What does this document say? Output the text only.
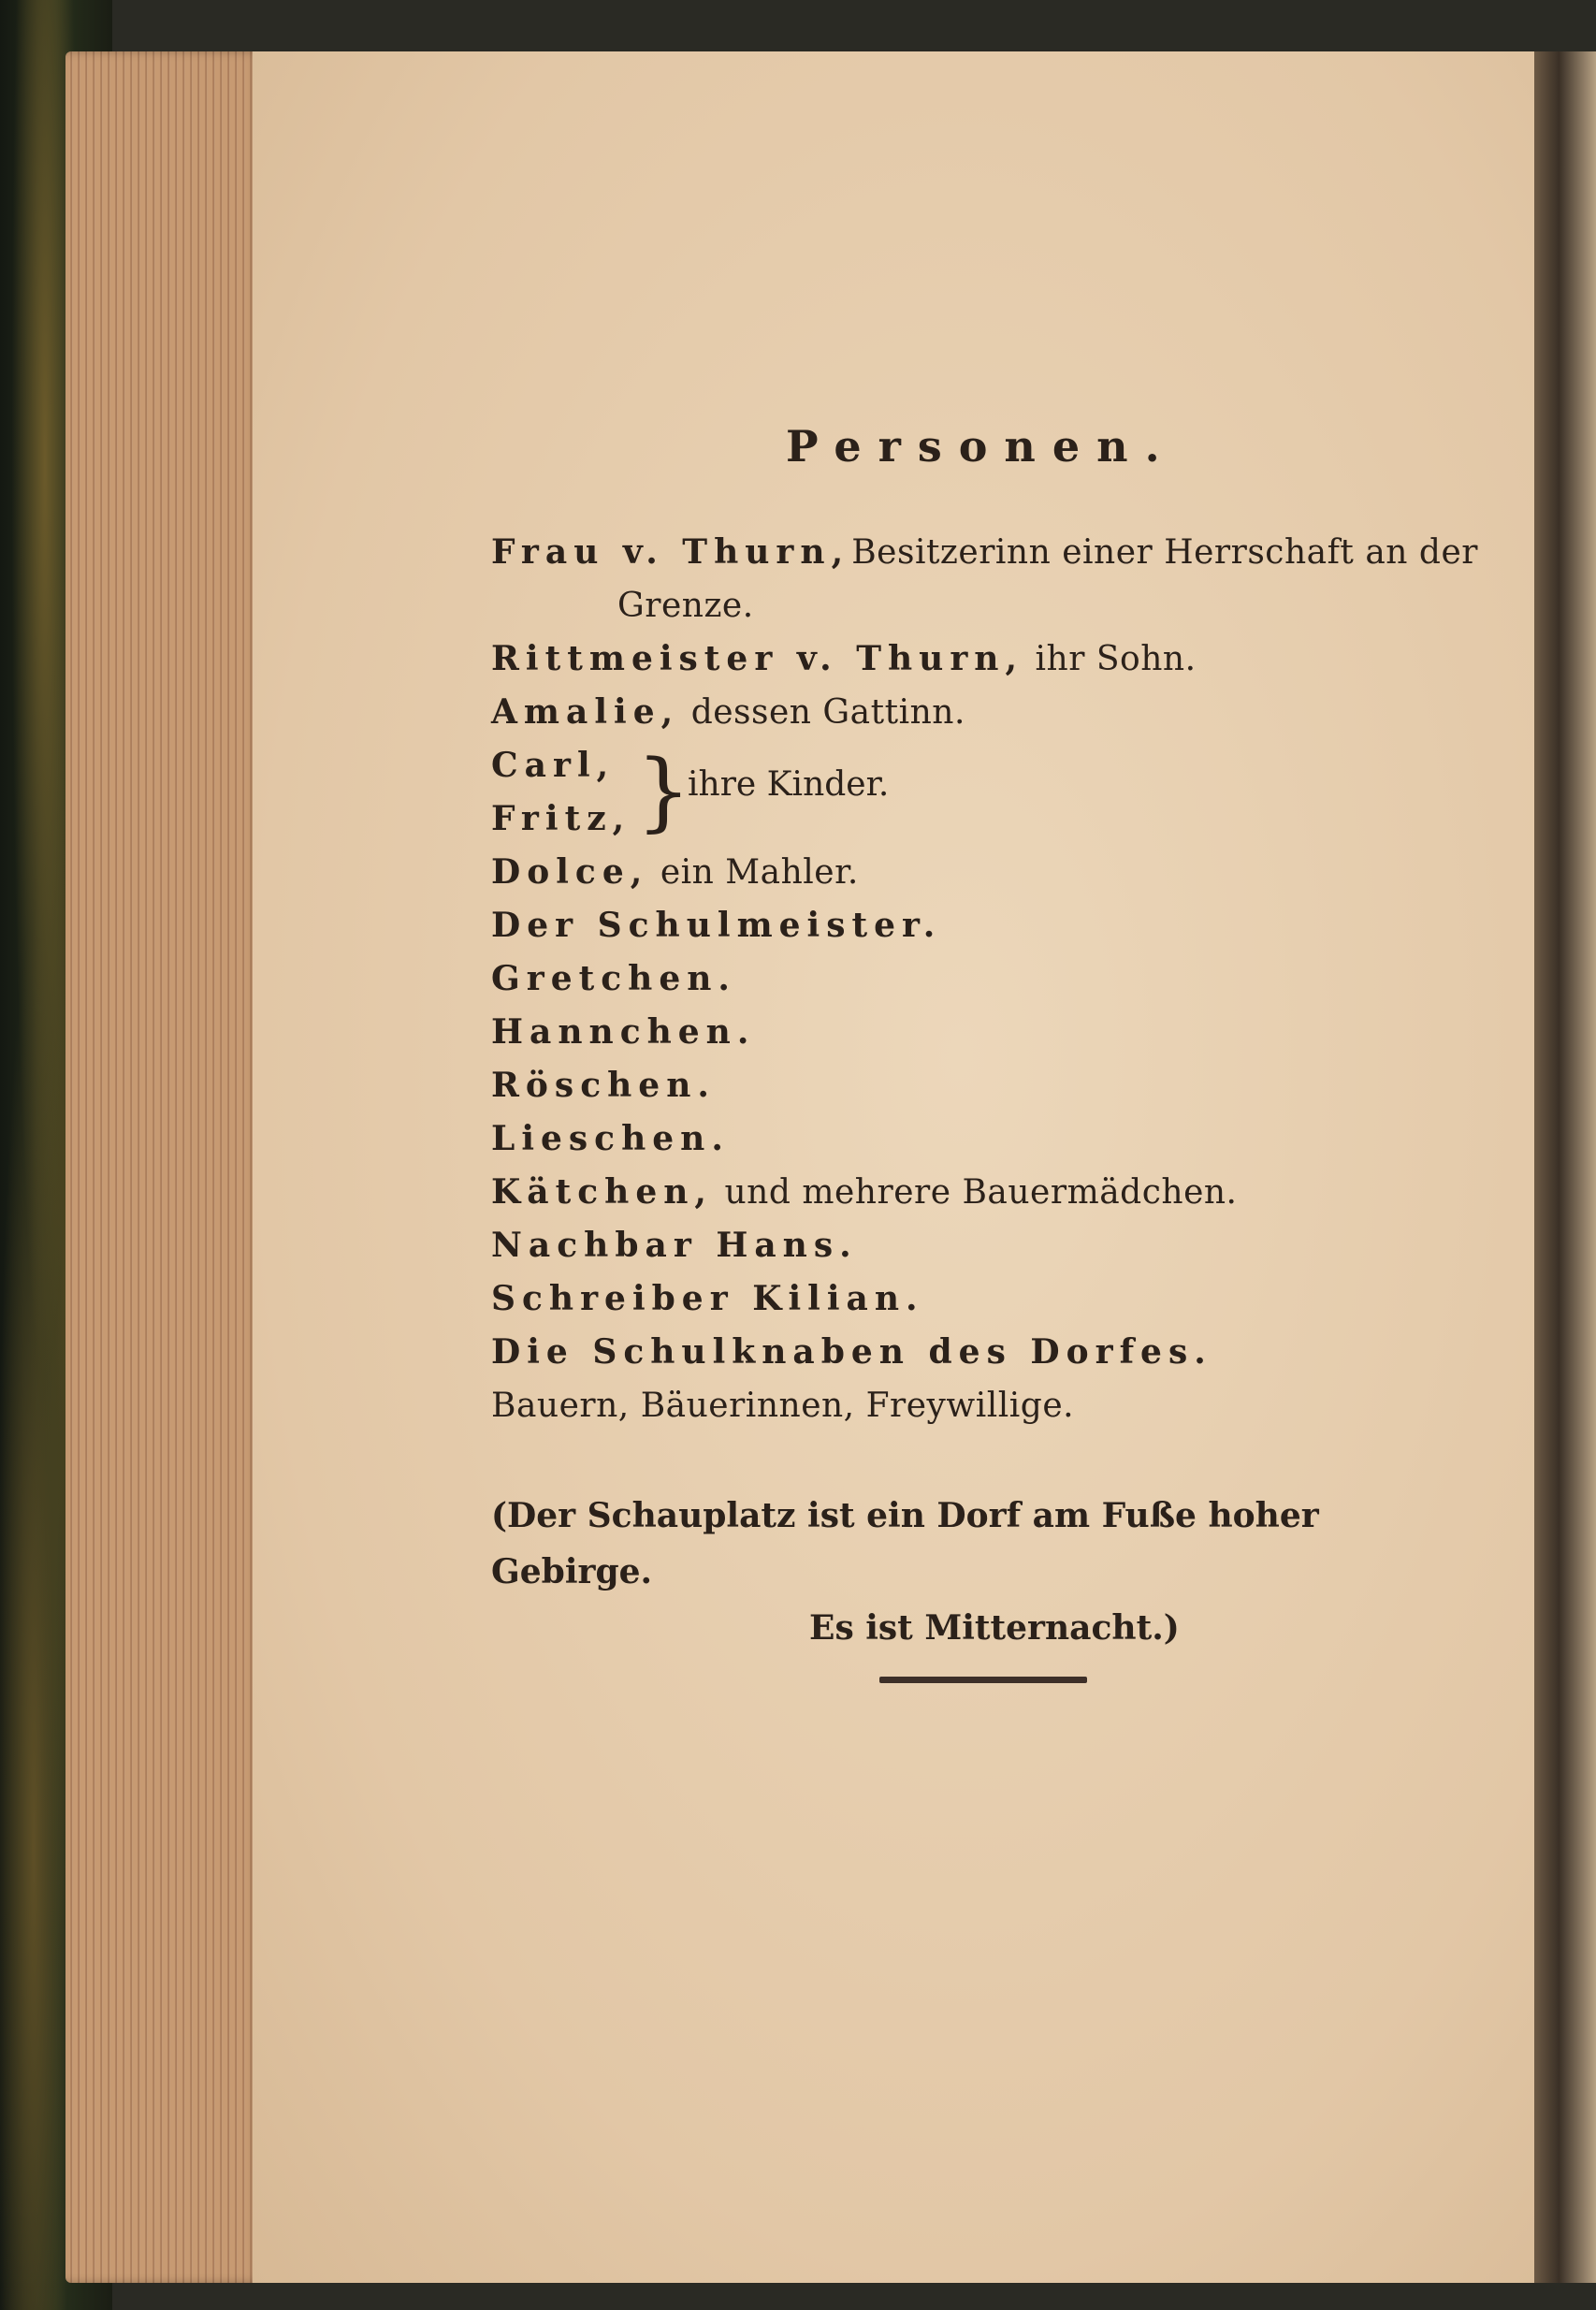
Personen.
Frau v. Thurn, Besitzerinn einer Herrschaft an der
Grenze.
Rittmeister v. Thurn, ihr Sohn.
Amalie, dessen Gattinn.
Carl,
Fritz, }
ihre Kinder.
Dolce, ein Mahler.
Der Schulmeister.
Gretchen.
Hannchen.
Röschen.
Lieschen.
Kätchen, und mehrere Bauermädchen.
Nachbar Hans.
Schreiber Kilian.
Die Schulknaben des Dorfes.
Bauern, Bäuerinnen, Freywillige.
(Der Schauplatz ist ein Dorf am Fuße hoher Gebirge.
Es ist Mitternacht.)
